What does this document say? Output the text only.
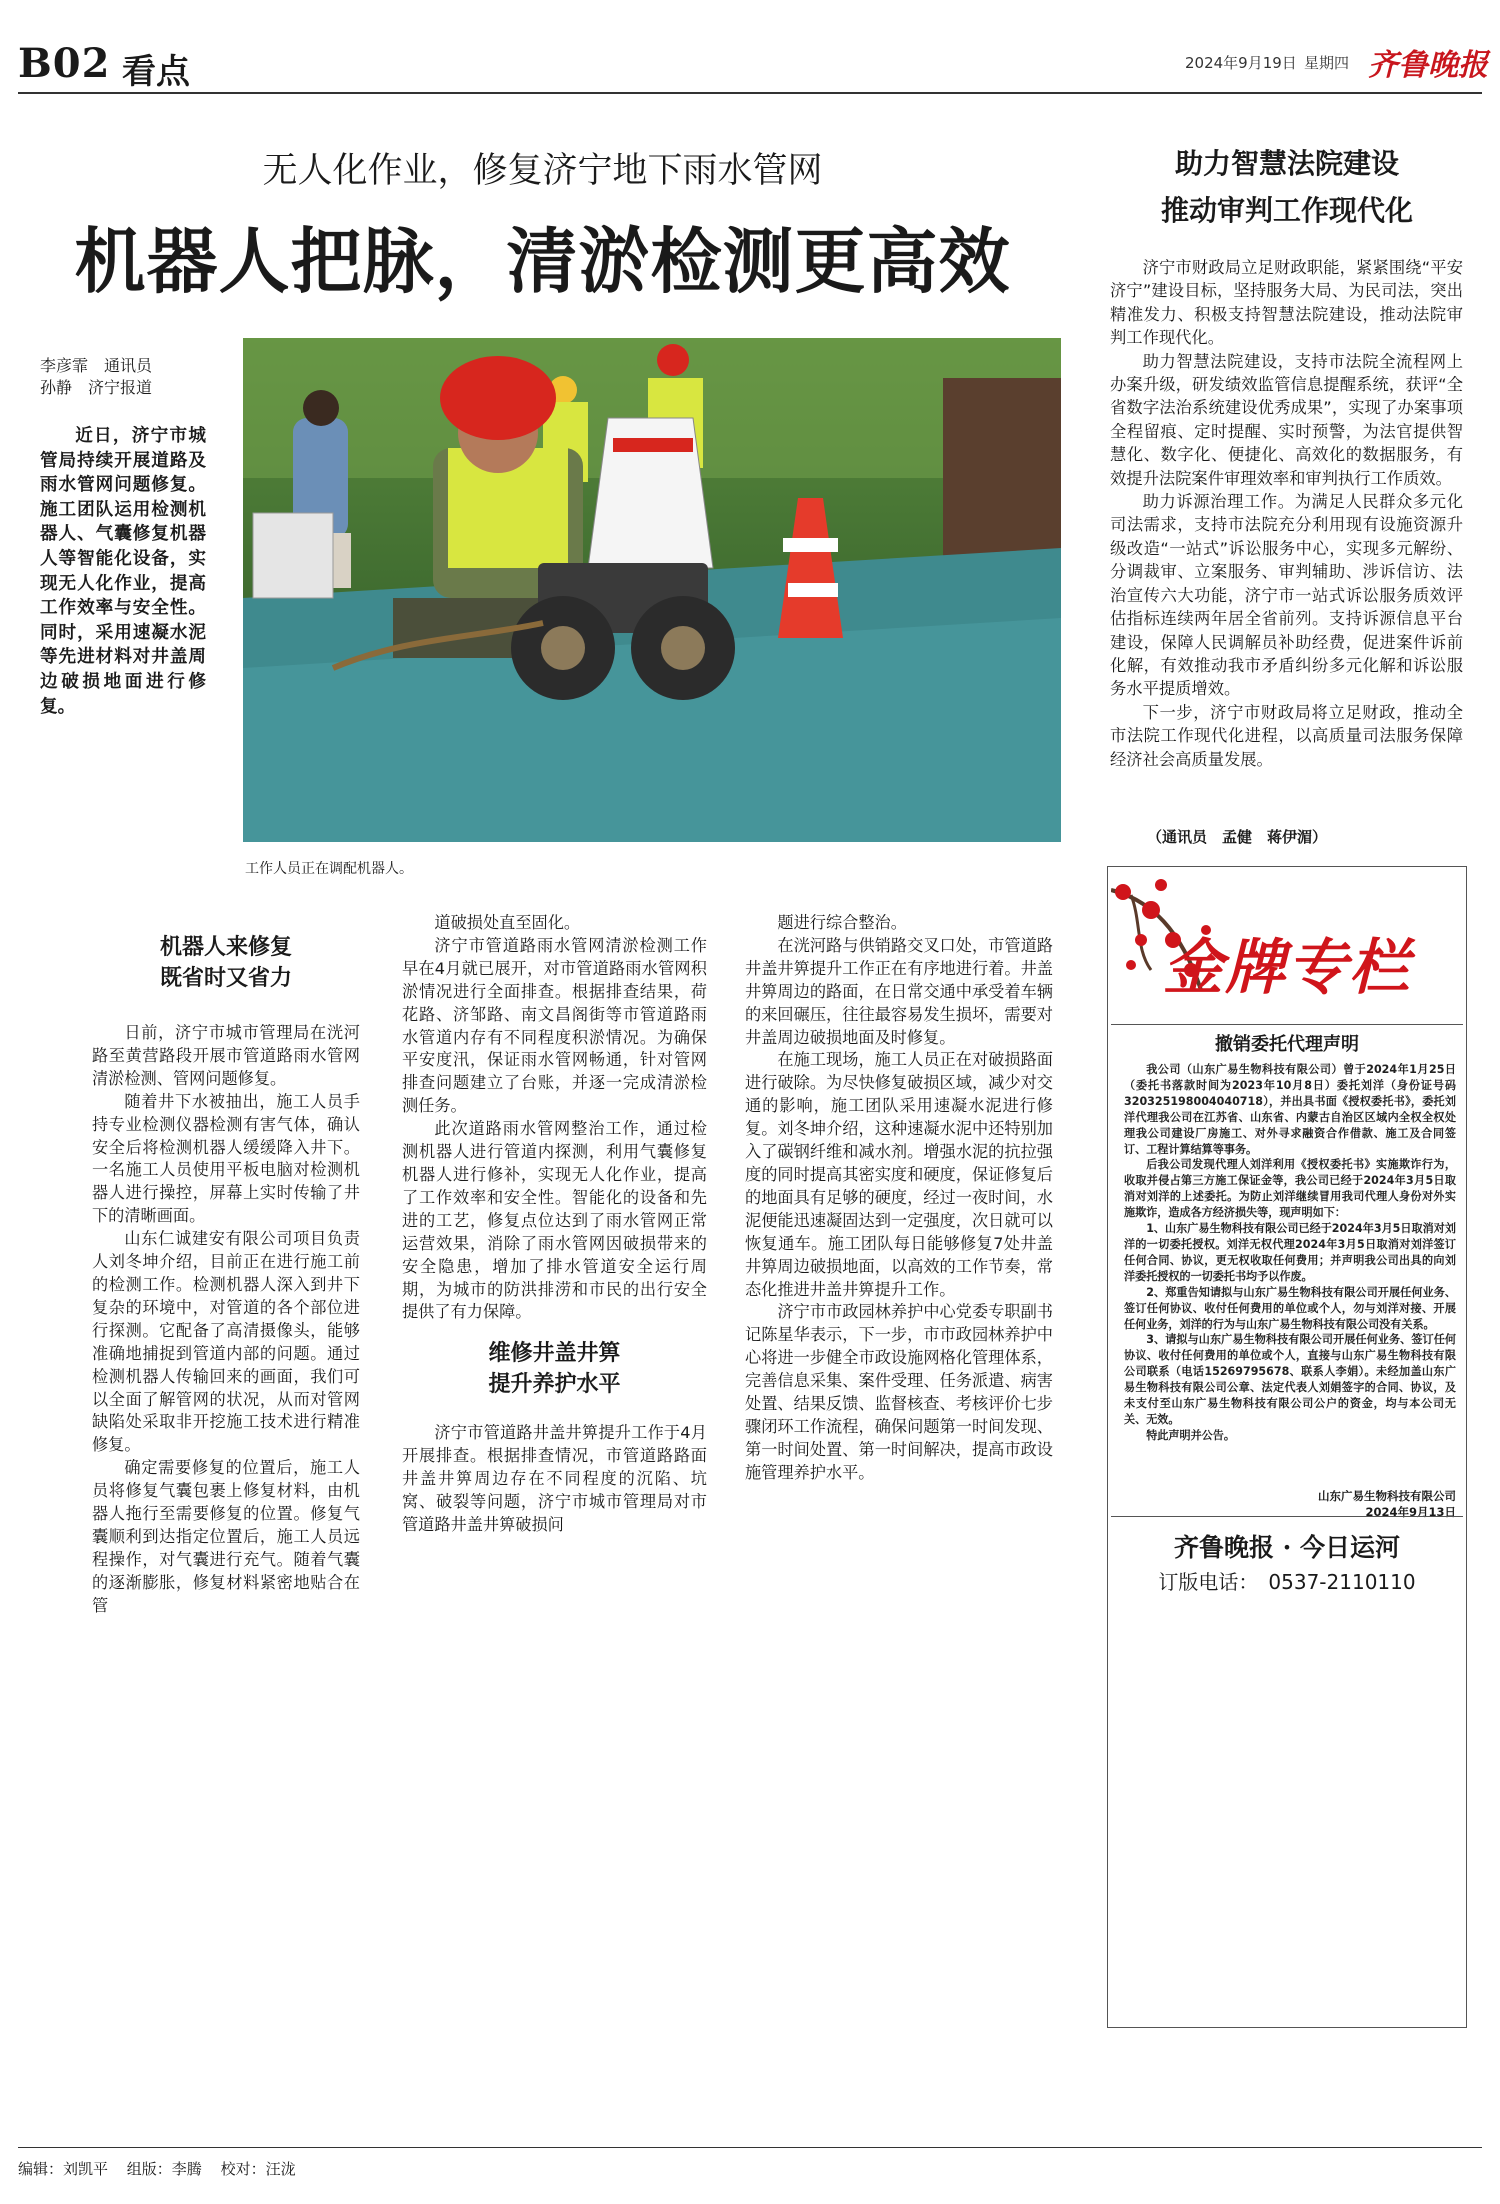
B02 看点	2024年9月19日 星期四 齐鲁晚报
无人化作业，修复济宁地下雨水管网
机器人把脉，清淤检测更高效
李彦霏　通讯员
孙静　济宁报道
近日，济宁市城管局持续开展道路及雨水管网问题修复。施工团队运用检测机器人、气囊修复机器人等智能化设备，实现无人化作业，提高工作效率与安全性。同时，采用速凝水泥等先进材料对井盖周边破损地面进行修复。
工作人员正在调配机器人。
机器人来修复
既省时又省力

日前，济宁市城市管理局在洸河路至黄营路段开展市管道路雨水管网清淤检测、管网问题修复。

随着井下水被抽出，施工人员手持专业检测仪器检测有害气体，确认安全后将检测机器人缓缓降入井下。一名施工人员使用平板电脑对检测机器人进行操控，屏幕上实时传输了井下的清晰画面。

山东仁诚建安有限公司项目负责人刘冬坤介绍，目前正在进行施工前的检测工作。检测机器人深入到井下复杂的环境中，对管道的各个部位进行探测。它配备了高清摄像头，能够准确地捕捉到管道内部的问题。通过检测机器人传输回来的画面，我们可以全面了解管网的状况，从而对管网缺陷处采取非开挖施工技术进行精准修复。

确定需要修复的位置后，施工人员将修复气囊包裹上修复材料，由机器人拖行至需要修复的位置。修复气囊顺利到达指定位置后，施工人员远程操作，对气囊进行充气。随着气囊的逐渐膨胀，修复材料紧密地贴合在管

道破损处直至固化。

济宁市管道路雨水管网清淤检测工作早在4月就已展开，对市管道路雨水管网积淤情况进行全面排查。根据排查结果，荷花路、济邹路、南文昌阁街等市管道路雨水管道内存有不同程度积淤情况。为确保平安度汛，保证雨水管网畅通，针对管网排查问题建立了台账，并逐一完成清淤检测任务。

此次道路雨水管网整治工作，通过检测机器人进行管道内探测，利用气囊修复机器人进行修补，实现无人化作业，提高了工作效率和安全性。智能化的设备和先进的工艺，修复点位达到了雨水管网正常运营效果，消除了雨水管网因破损带来的安全隐患，增加了排水管道安全运行周期，为城市的防洪排涝和市民的出行安全提供了有力保障。

维修井盖井箅
提升养护水平

济宁市管道路井盖井箅提升工作于4月开展排查。根据排查情况，市管道路路面井盖井箅周边存在不同程度的沉陷、坑窝、破裂等问题，济宁市城市管理局对市管道路井盖井箅破损问

题进行综合整治。

在洸河路与供销路交叉口处，市管道路井盖井箅提升工作正在有序地进行着。井盖井箅周边的路面，在日常交通中承受着车辆的来回碾压，往往最容易发生损坏，需要对井盖周边破损地面及时修复。

在施工现场，施工人员正在对破损路面进行破除。为尽快修复破损区域，减少对交通的影响，施工团队采用速凝水泥进行修复。刘冬坤介绍，这种速凝水泥中还特别加入了碳钢纤维和减水剂。增强水泥的抗拉强度的同时提高其密实度和硬度，保证修复后的地面具有足够的硬度，经过一夜时间，水泥便能迅速凝固达到一定强度，次日就可以恢复通车。施工团队每日能够修复7处井盖井箅周边破损地面，以高效的工作节奏，常态化推进井盖井箅提升工作。

济宁市市政园林养护中心党委专职副书记陈星华表示，下一步，市市政园林养护中心将进一步健全市政设施网格化管理体系，完善信息采集、案件受理、任务派遣、病害处置、结果反馈、监督核查、考核评价七步骤闭环工作流程，确保问题第一时间发现、第一时间处置、第一时间解决，提高市政设施管理养护水平。

助力智慧法院建设
推动审判工作现代化

济宁市财政局立足财政职能，紧紧围绕“平安济宁”建设目标，坚持服务大局、为民司法，突出精准发力、积极支持智慧法院建设，推动法院审判工作现代化。

助力智慧法院建设，支持市法院全流程网上办案升级，研发绩效监管信息提醒系统，获评“全省数字法治系统建设优秀成果”，实现了办案事项全程留痕、定时提醒、实时预警，为法官提供智慧化、数字化、便捷化、高效化的数据服务，有效提升法院案件审理效率和审判执行工作质效。

助力诉源治理工作。为满足人民群众多元化司法需求，支持市法院充分利用现有设施资源升级改造“一站式”诉讼服务中心，实现多元解纷、分调裁审、立案服务、审判辅助、涉诉信访、法治宣传六大功能，济宁市一站式诉讼服务质效评估指标连续两年居全省前列。支持诉源信息平台建设，保障人民调解员补助经费，促进案件诉前化解，有效推动我市矛盾纠纷多元化解和诉讼服务水平提质增效。

下一步，济宁市财政局将立足财政，推动全市法院工作现代化进程，以高质量司法服务保障经济社会高质量发展。

（通讯员　孟健　蒋伊湄）
金牌专栏
撤销委托代理声明

我公司（山东广易生物科技有限公司）曾于2024年1月25日（委托书落款时间为2023年10月8日）委托刘洋（身份证号码320325198004040718），并出具书面《授权委托书》，委托刘洋代理我公司在江苏省、山东省、内蒙古自治区区域内全权全权处理我公司建设厂房施工、对外寻求融资合作借款、施工及合同签订、工程计算结算等事务。

后我公司发现代理人刘洋利用《授权委托书》实施欺诈行为，收取并侵占第三方施工保证金等，我公司已经于2024年3月5日取消对刘洋的上述委托。为防止刘洋继续冒用我司代理人身份对外实施欺诈，造成各方经济损失等，现声明如下：

1、山东广易生物科技有限公司已经于2024年3月5日取消对刘洋的一切委托授权。刘洋无权代理2024年3月5日取消对刘洋签订任何合同、协议，更无权收取任何费用；并声明我公司出具的向刘洋委托授权的一切委托书均予以作废。

2、郑重告知请拟与山东广易生物科技有限公司开展任何业务、签订任何协议、收付任何费用的单位或个人，勿与刘洋对接、开展任何业务，刘洋的行为与山东广易生物科技有限公司没有关系。

3、请拟与山东广易生物科技有限公司开展任何业务、签订任何协议、收付任何费用的单位或个人，直接与山东广易生物科技有限公司联系（电话15269795678、联系人李娟）。未经加盖山东广易生物科技有限公司公章、法定代表人刘娟签字的合同、协议，及未支付至山东广易生物科技有限公司公户的资金，均与本公司无关、无效。

特此声明并公告。

山东广易生物科技有限公司
2024年9月13日
齐鲁晚报 · 今日运河
订版电话：　0537-2110110
编辑：刘凯平 组版：李腾 校对：汪泷
